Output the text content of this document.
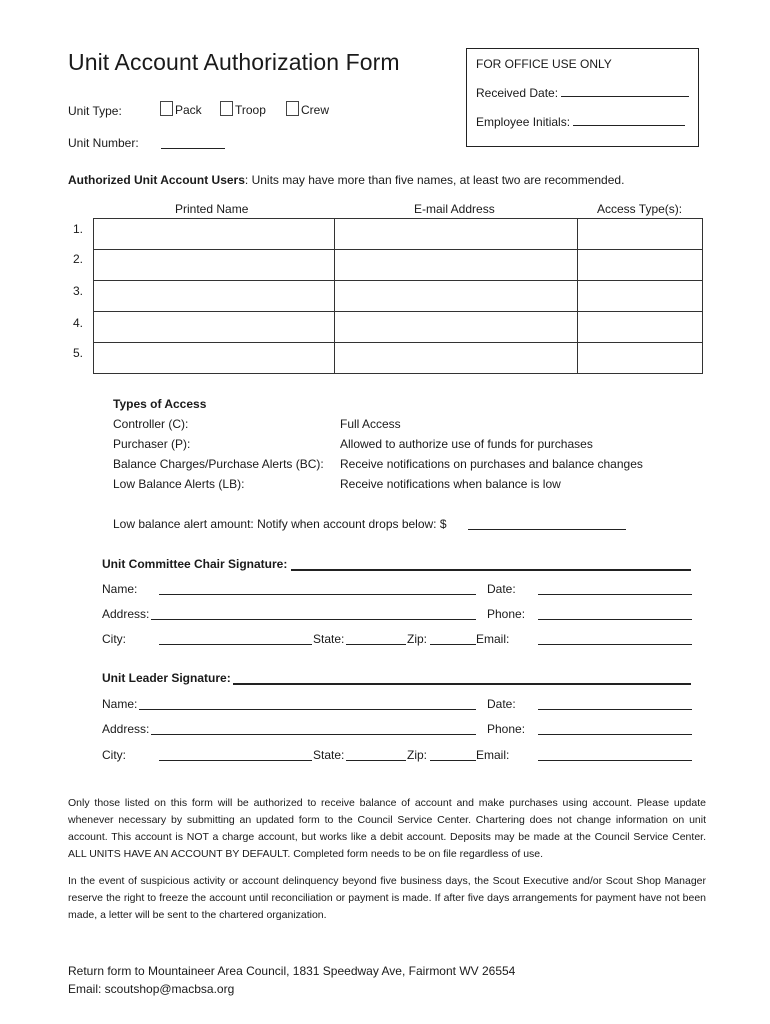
Unit Account Authorization Form	FOR OFFICE USE ONLY
Received Date:
Employee Initials:
Unit Type:	Pack	Troop	Crew
Unit Number:
Authorized Unit Account Users: Units may have more than five names, at least two are recommended.
Printed Name	E-mail Address	Access Type(s):
1.
2.
3.
4.
5.

Types of Access
Controller (C):	Full Access
Purchaser (P):	Allowed to authorize use of funds for purchases
Balance Charges/Purchase Alerts (BC): Receive notifications on purchases and balance changes
Low Balance Alerts (LB):	Receive notifications when balance is low
Low balance alert amount: Notify when account drops below: $
Unit Committee Chair Signature:
Name:	Date:
Address:	Phone:
City:	State:	Zip:	Email:
Unit Leader Signature:
Name:	Date:
Address:	Phone:
City:	State:	Zip:	Email:
Only those listed on this form will be authorized to receive balance of account and make purchases using account. Please update whenever necessary by submitting an updated form to the Council Service Center. Chartering does not change information on unit account. This account is NOT a charge account, but works like a debit account. Deposits may be made at the Council Service Center. ALL UNITS HAVE AN ACCOUNT BY DEFAULT. Completed form needs to be on file regardless of use.
In the event of suspicious activity or account delinquency beyond five business days, the Scout Executive and/or Scout Shop Manager reserve the right to freeze the account until reconciliation or payment is made. If after five days arrangements for payment have not been made, a letter will be sent to the chartered organization.
Return form to Mountaineer Area Council, 1831 Speedway Ave, Fairmont WV 26554
Email: scoutshop@macbsa.org
